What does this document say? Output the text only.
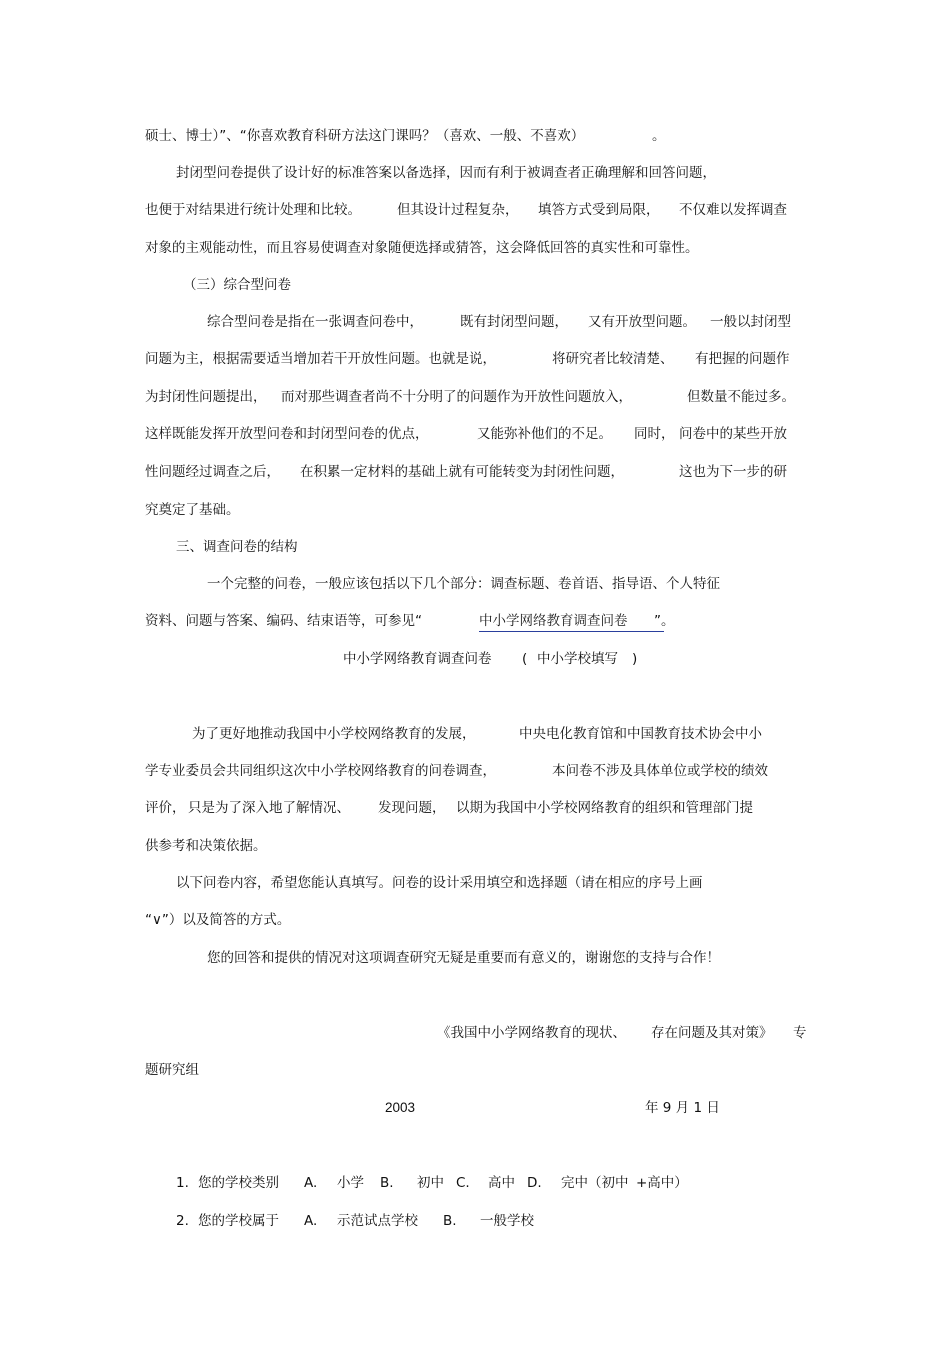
硕士、博士）”、“你喜欢教育科研方法这门课吗？（喜欢、一般、不喜欢）	。
封闭型问卷提供了设计好的标准答案以备选择，因而有利于被调查者正确理解和回答问题，
也便于对结果进行统计处理和比较。	但其设计过程复杂， 填答方式受到局限， 不仅难以发挥调查
对象的主观能动性，而且容易使调查对象随便选择或猜答，这会降低回答的真实性和可靠性。
（三）综合型问卷
综合型问卷是指在一张调查问卷中，	既有封闭型问题， 又有开放型问题。 一般以封闭型
问题为主，根据需要适当增加若干开放性问题。也就是说，	将研究者比较清楚、 有把握的问题作
为封闭性问题提出， 而对那些调查者尚不十分明了的问题作为开放性问题放入，	但数量不能过多。
这样既能发挥开放型问卷和封闭型问卷的优点，	又能弥补他们的不足。 同时， 问卷中的某些开放
性问题经过调查之后， 在积累一定材料的基础上就有可能转变为封闭性问题，	这也为下一步的研
究奠定了基础。
三、调查问卷的结构
一个完整的问卷，一般应该包括以下几个部分：调查标题、卷首语、指导语、个人特征
资料、问题与答案、编码、结束语等，可参见“	中小学网络教育调查问卷	”。
中小学网络教育调查问卷 ( 中小学校填写 )
为了更好地推动我国中小学校网络教育的发展，	中央电化教育馆和中国教育技术协会中小
学专业委员会共同组织这次中小学校网络教育的问卷调查，	本问卷不涉及具体单位或学校的绩效
评价， 只是为了深入地了解情况、 发现问题， 以期为我国中小学校网络教育的组织和管理部门提
供参考和决策依据。
以下问卷内容，希望您能认真填写。问卷的设计采用填空和选择题（请在相应的序号上画
“∨”）以及简答的方式。
您的回答和提供的情况对这项调查研究无疑是重要而有意义的，谢谢您的支持与合作！
《我国中小学网络教育的现状、 存在问题及其对策》 专
题研究组
2003	年 9 月 1 日
1. 您的学校类别 A. 小学 B. 初中 C. 高中 D. 完中（初中 +高中）
2. 您的学校属于 A. 示范试点学校 B. 一般学校
